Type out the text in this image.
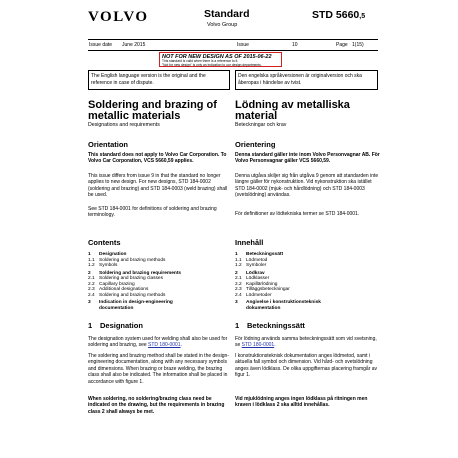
VOLVO	Standard
Volvo Group
STD 5660,5
Issue date June 2015	Issue	10	Page 1(15)
NOT FOR NEW DESIGN AS OF 2015-06-22
This standard is valid when there is a reference to it.
"Not for new design" is only an indication to our design departments.
The English language version is the original and the reference in case of dispute.
Den engelska språkversionen är originalversion och ska åberopas i händelse av tvist.
Soldering and brazing of metallic materials
Designations and requirements
Orientation
This standard does not apply to Volvo Car Corporation. To Volvo Car Corporation, VCS 5660,59 applies.
This issue differs from issue 9 in that the standard no longer applies to new design. For new designs, STD 184-0002 (soldering and brazing) and STD 184-0003 (weld brazing) shall be used.
See STD 184-0001 for definitions of soldering and brazing terminology.
Contents
1 Designation
1.1 Soldering and brazing methods
1.2 Symbols
2 Soldering and brazing requirements
2.1 Soldering and brazing classes
2.2 Capillary brazing
2.3 Additional designations
2.4 Soldering and brazing methods
3 Indication in design-engineering
documentation
1 Designation
The designation system used for welding shall also be used for soldering and brazing, see STD 180-0001.
The soldering and brazing method shall be stated in the design-engineering documentation, along with any necessary symbols and dimensions. When brazing or braze welding, the brazing class shall also be indicated. The information shall be placed in accordance with figure 1.
When soldering, no soldering/brazing class need be indicated on the drawing, but the requirements in brazing class 2 shall always be met.
Lödning av metalliska material
Beteckningar och krav
Orientering
Denna standard gäller inte inom Volvo Personvagnar AB. För Volvo Personvagnar gäller VCS 5660,59.
Denna utgåva skiljer sig från utgåva 9 genom att standarden inte längre gäller för nykonstruktion. Vid nykonstruktion ska istället STD 184-0002 (mjuk- och hårdlödning) och STD 184-0003 (svetslödning) användas.
För definitioner av lödtekniska termer se STD 184-0001.
Innehåll
1 Beteckningssätt
1.1 Lödmetod
1.2 Symboler
2 Lödkrav
2.1 Lödklasser
2.2 Kapillärlödning
2.3 Tilläggsbeteckningar
2.4 Lödmetoder
3 Angivelse i konstruktionsteknisk
dokumentation
1 Beteckningssätt
För lödning används samma beteckningssätt som vid svetsning, se STD 180-0001.
I konstruktionsteknisk dokumentation anges lödmetod, samt i aktuella fall symbol och dimension. Vid hård- och svetslödning anges även lödklass. De olika uppgifternas placering framgår av figur 1.
Vid mjuklödning anges ingen lödklass på ritningen men kraven i lödklass 2 ska alltid innehållas.
